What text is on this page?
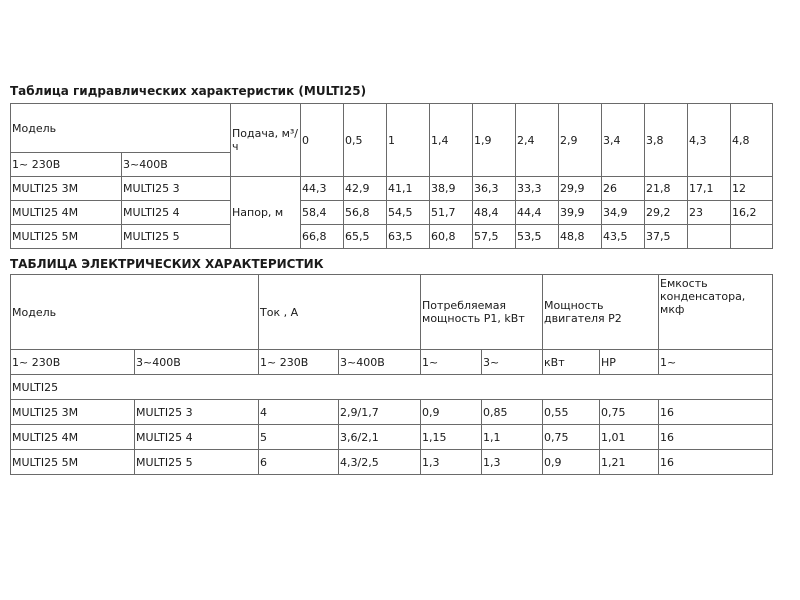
Таблица гидравлических характеристик (MULTI25)
Модель		Подача, м³/ч	0	0,5	1	1,4	1,9	2,4	2,9	3,4	3,8	4,3	4,8
1~ 230В	3~400В												
MULTI25 3M	MULTI25 3	Напор, м	44,3	42,9	41,1	38,9	36,3	33,3	29,9	26	21,8	17,1	12
MULTI25 4M	MULTI25 4		58,4	56,8	54,5	51,7	48,4	44,4	39,9	34,9	29,2	23	16,2
MULTI25 5M	MULTI25 5		66,8	65,5	63,5	60,8	57,5	53,5	48,8	43,5	37,5		
ТАБЛИЦА ЭЛЕКТРИЧЕСКИХ ХАРАКТЕРИСТИК
Модель		Ток , А		Потребляемая мощность P1, kВт		Мощность двигателя P2		Емкость конденсатора, мкф
1~ 230В	3~400В	1~ 230В	3~400В	1~	3~	кВт	HP	1~
MULTI25								
MULTI25 3M	MULTI25 3	4	2,9/1,7	0,9	0,85	0,55	0,75	16
MULTI25 4M	MULTI25 4	5	3,6/2,1	1,15	1,1	0,75	1,01	16
MULTI25 5M	MULTI25 5	6	4,3/2,5	1,3	1,3	0,9	1,21	16
